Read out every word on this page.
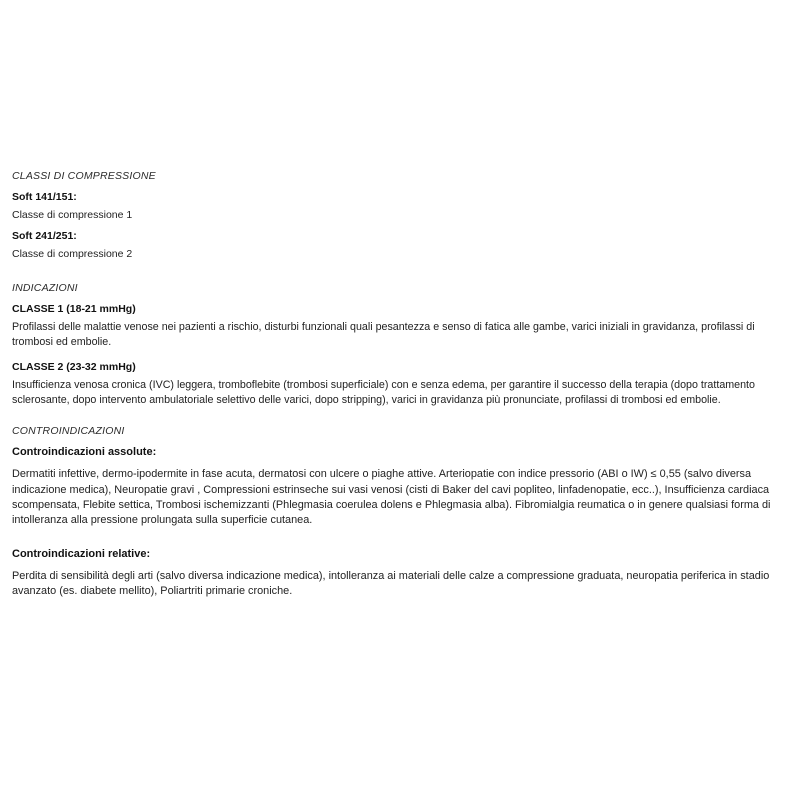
CLASSI DI COMPRESSIONE
Soft 141/151:
Classe di compressione 1
Soft 241/251:
Classe di compressione 2
INDICAZIONI
CLASSE 1 (18-21 mmHg)
Profilassi delle malattie venose nei pazienti a rischio, disturbi funzionali quali pesantezza e senso di fatica alle gambe, varici iniziali in gravidanza, profilassi di trombosi ed embolie.
CLASSE 2 (23-32 mmHg)
Insufficienza venosa cronica (IVC) leggera, tromboflebite (trombosi superficiale) con e senza edema, per garantire il successo della terapia (dopo trattamento sclerosante, dopo intervento ambulatoriale selettivo delle varici, dopo stripping), varici in gravidanza più pronunciate, profilassi di trombosi ed embolie.
CONTROINDICAZIONI
Controindicazioni assolute:
Dermatiti infettive, dermo-ipodermite in fase acuta, dermatosi con ulcere o piaghe attive. Arteriopatie con indice pressorio (ABI o IW) ≤ 0,55 (salvo diversa indicazione medica), Neuropatie gravi , Compressioni estrinseche sui vasi venosi (cisti di Baker del cavi popliteo, linfadenopatie, ecc..), Insufficienza cardiaca scompensata, Flebite settica, Trombosi ischemizzanti (Phlegmasia coerulea dolens e Phlegmasia alba). Fibromialgia reumatica o in genere qualsiasi forma di intolleranza alla pressione prolungata sulla superficie cutanea.
Controindicazioni relative:
Perdita di sensibilità degli arti (salvo diversa indicazione medica), intolleranza ai materiali delle calze a compressione graduata, neuropatia periferica in stadio avanzato (es. diabete mellito), Poliartriti primarie croniche.
